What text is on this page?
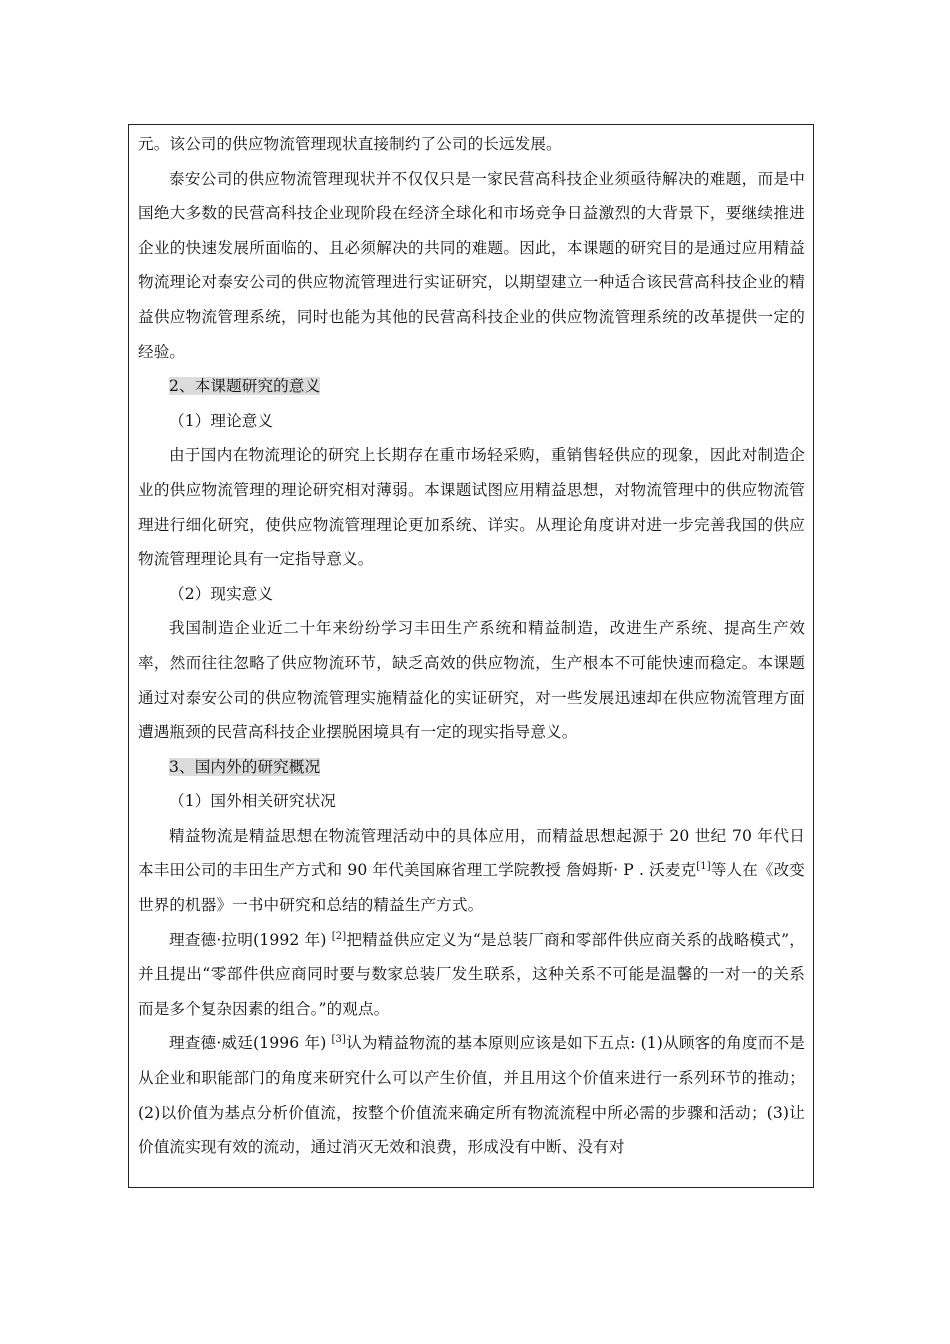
元。该公司的供应物流管理现状直接制约了公司的长远发展。

泰安公司的供应物流管理现状并不仅仅只是一家民营高科技企业须亟待解决的难题，而是中国绝大多数的民营高科技企业现阶段在经济全球化和市场竞争日益激烈的大背景下，要继续推进企业的快速发展所面临的、且必须解决的共同的难题。因此，本课题的研究目的是通过应用精益物流理论对泰安公司的供应物流管理进行实证研究，以期望建立一种适合该民营高科技企业的精益供应物流管理系统，同时也能为其他的民营高科技企业的供应物流管理系统的改革提供一定的经验。

2、本课题研究的意义

（1）理论意义

由于国内在物流理论的研究上长期存在重市场轻采购，重销售轻供应的现象，因此对制造企业的供应物流管理的理论研究相对薄弱。本课题试图应用精益思想，对物流管理中的供应物流管理进行细化研究，使供应物流管理理论更加系统、详实。从理论角度讲对进一步完善我国的供应物流管理理论具有一定指导意义。

（2）现实意义

我国制造企业近二十年来纷纷学习丰田生产系统和精益制造，改进生产系统、提高生产效率，然而往往忽略了供应物流环节，缺乏高效的供应物流，生产根本不可能快速而稳定。本课题通过对泰安公司的供应物流管理实施精益化的实证研究，对一些发展迅速却在供应物流管理方面遭遇瓶颈的民营高科技企业摆脱困境具有一定的现实指导意义。

3、国内外的研究概况

（1）国外相关研究状况

精益物流是精益思想在物流管理活动中的具体应用，而精益思想起源于 20 世纪 70 年代日本丰田公司的丰田生产方式和 90 年代美国麻省理工学院教授 詹姆斯· P . 沃麦克[1]等人在《改变世界的机器》一书中研究和总结的精益生产方式。

理查德·拉明(1992 年) [2]把精益供应定义为“是总装厂商和零部件供应商关系的战略模式”，并且提出“零部件供应商同时要与数家总装厂发生联系，这种关系不可能是温馨的一对一的关系而是多个复杂因素的组合。”的观点。

理查德·威廷(1996 年) [3]认为精益物流的基本原则应该是如下五点: (1)从顾客的角度而不是从企业和职能部门的角度来研究什么可以产生价值，并且用这个价值来进行一系列环节的推动；(2)以价值为基点分析价值流，按整个价值流来确定所有物流流程中所必需的步骤和活动；(3)让价值流实现有效的流动，通过消灭无效和浪费，形成没有中断、没有对
